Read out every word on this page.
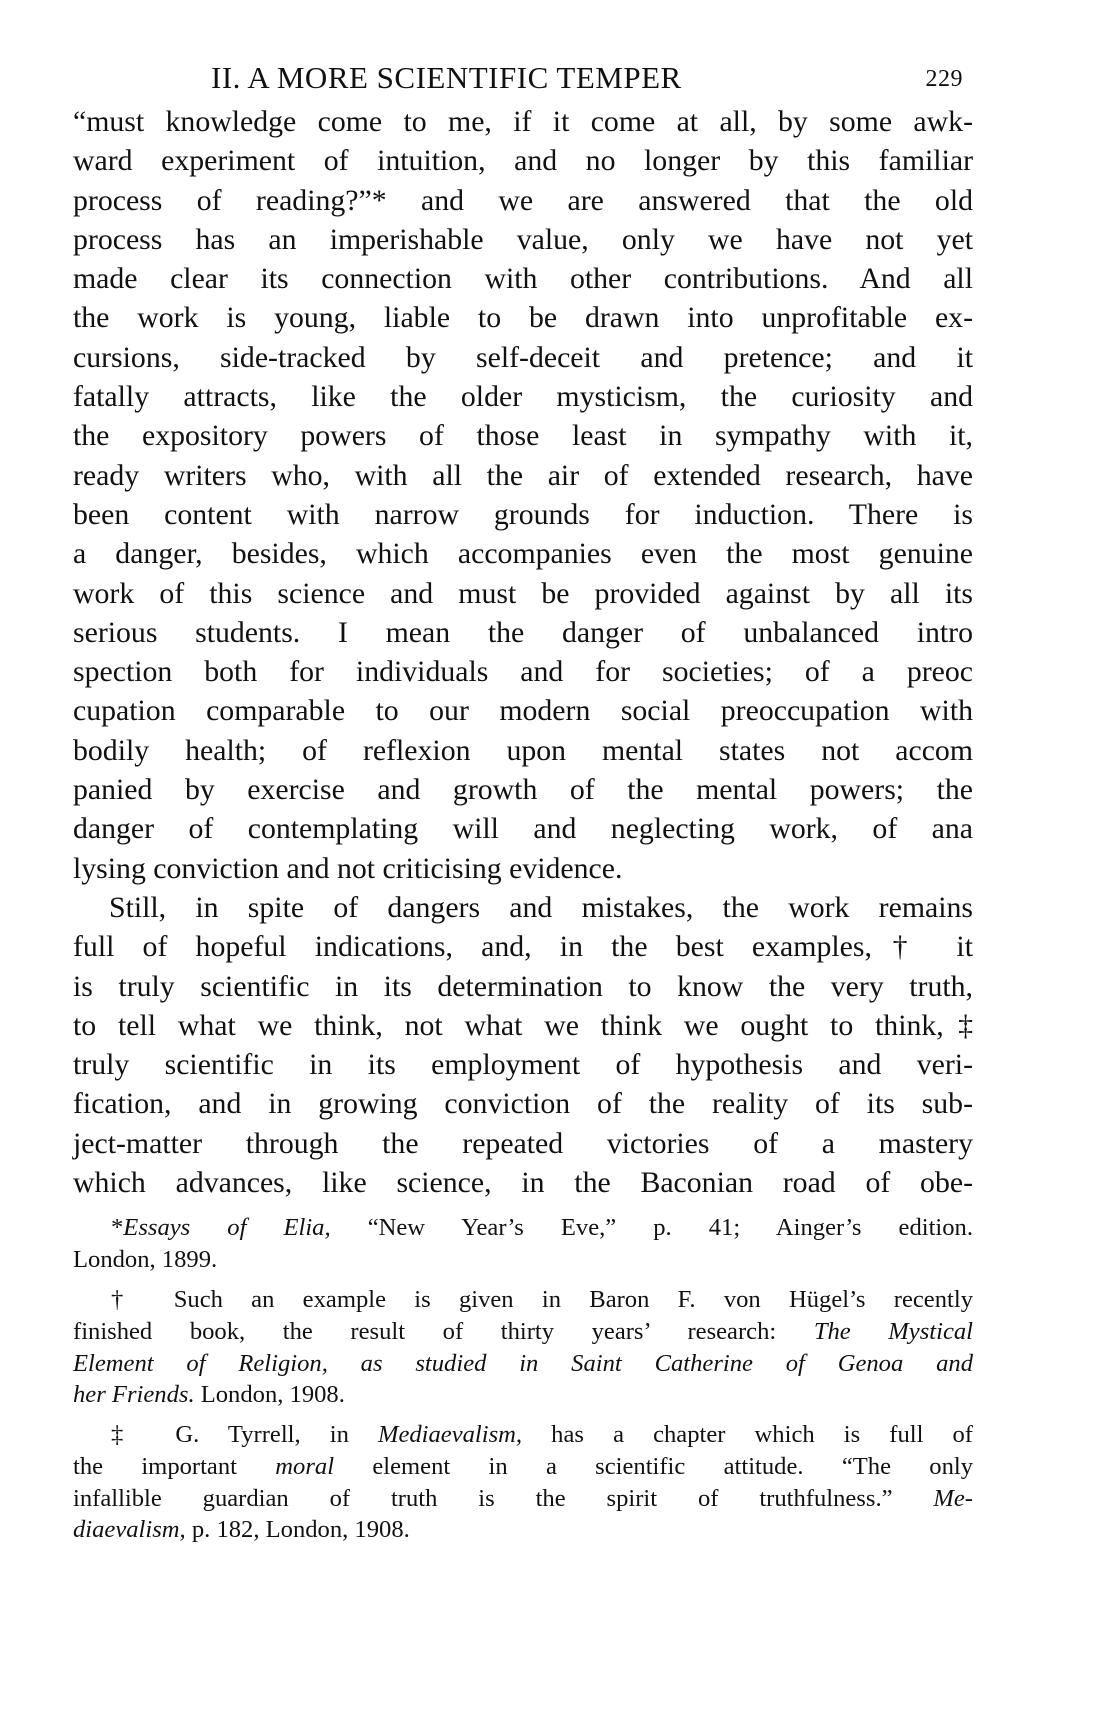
II. A MORE SCIENTIFIC TEMPER	229
“must knowledge come to me, if it come at all, by some awk-
ward experiment of intuition, and no longer by this familiar
process of reading?”* and we are answered that the old
process has an imperishable value, only we have not yet
made clear its connection with other contributions. And all
the work is young, liable to be drawn into unprofitable ex-
cursions, side-tracked by self-deceit and pretence; and it
fatally attracts, like the older mysticism, the curiosity and
the expository powers of those least in sympathy with it,
ready writers who, with all the air of extended research, have
been content with narrow grounds for induction. There is
a danger, besides, which accompanies even the most genuine
work of this science and must be provided against by all its
serious students. I mean the danger of unbalanced intro
spection both for individuals and for societies; of a preoc
cupation comparable to our modern social preoccupation with
bodily health; of reflexion upon mental states not accom
panied by exercise and growth of the mental powers; the
danger of contemplating will and neglecting work, of ana
lysing conviction and not criticising evidence.
Still, in spite of dangers and mistakes, the work remains
full of hopeful indications, and, in the best examples,† it
is truly scientific in its determination to know the very truth,
to tell what we think, not what we think we ought to think,‡
truly scientific in its employment of hypothesis and veri-
fication, and in growing conviction of the reality of its sub-
ject-matter through the repeated victories of a mastery
which advances, like science, in the Baconian road of obe-
*Essays of Elia, “New Year’s Eve,” p. 41; Ainger’s edition.
London, 1899.
† Such an example is given in Baron F. von Hügel’s recently
finished book, the result of thirty years’ research: The Mystical
Element of Religion, as studied in Saint Catherine of Genoa and
her Friends. London, 1908.
‡ G. Tyrrell, in Mediaevalism, has a chapter which is full of
the important moral element in a scientific attitude. “The only
infallible guardian of truth is the spirit of truthfulness.” Me-
diaevalism, p. 182, London, 1908.
